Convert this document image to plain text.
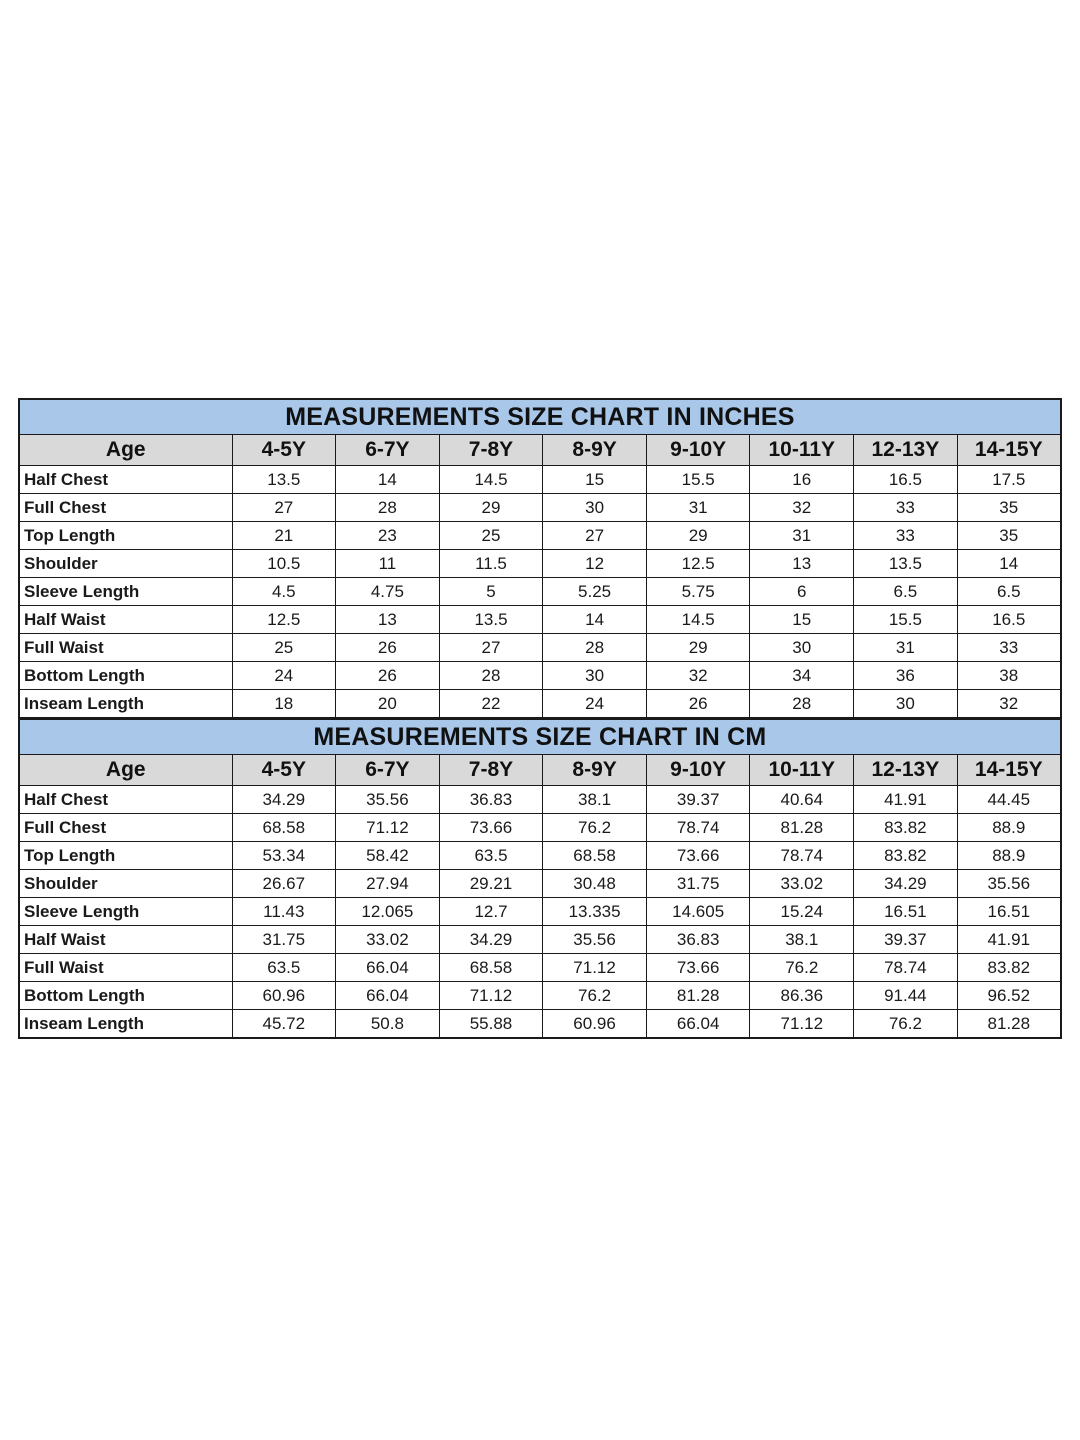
MEASUREMENTS SIZE CHART IN INCHES								
Age	4-5Y	6-7Y	7-8Y	8-9Y	9-10Y	10-11Y	12-13Y	14-15Y
Half Chest	13.5	14	14.5	15	15.5	16	16.5	17.5
Full Chest	27	28	29	30	31	32	33	35
Top Length	21	23	25	27	29	31	33	35
Shoulder	10.5	11	11.5	12	12.5	13	13.5	14
Sleeve Length	4.5	4.75	5	5.25	5.75	6	6.5	6.5
Half Waist	12.5	13	13.5	14	14.5	15	15.5	16.5
Full Waist	25	26	27	28	29	30	31	33
Bottom Length	24	26	28	30	32	34	36	38
Inseam Length	18	20	22	24	26	28	30	32
MEASUREMENTS SIZE CHART IN CM								
Age	4-5Y	6-7Y	7-8Y	8-9Y	9-10Y	10-11Y	12-13Y	14-15Y
Half Chest	34.29	35.56	36.83	38.1	39.37	40.64	41.91	44.45
Full Chest	68.58	71.12	73.66	76.2	78.74	81.28	83.82	88.9
Top Length	53.34	58.42	63.5	68.58	73.66	78.74	83.82	88.9
Shoulder	26.67	27.94	29.21	30.48	31.75	33.02	34.29	35.56
Sleeve Length	11.43	12.065	12.7	13.335	14.605	15.24	16.51	16.51
Half Waist	31.75	33.02	34.29	35.56	36.83	38.1	39.37	41.91
Full Waist	63.5	66.04	68.58	71.12	73.66	76.2	78.74	83.82
Bottom Length	60.96	66.04	71.12	76.2	81.28	86.36	91.44	96.52
Inseam Length	45.72	50.8	55.88	60.96	66.04	71.12	76.2	81.28
